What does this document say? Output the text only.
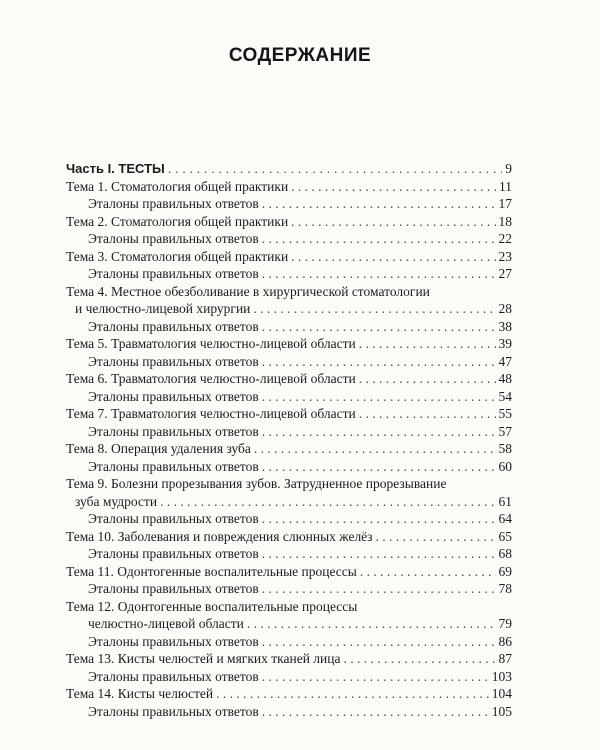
СОДЕРЖАНИЕ
Часть I. ТЕСТЫ . . .	9
Тема 1. Стоматология общей практики . . .	11
Эталоны правильных ответов . . .	17
Тема 2. Стоматология общей практики . . .	18
Эталоны правильных ответов . . .	22
Тема 3. Стоматология общей практики . . .	23
Эталоны правильных ответов . . .	27
Тема 4. Местное обезболивание в хирургической стоматологии
и челюстно-лицевой хирургии . . .	28
Эталоны правильных ответов . . .	38
Тема 5. Травматология челюстно-лицевой области . . .	39
Эталоны правильных ответов . . .	47
Тема 6. Травматология челюстно-лицевой области . . .	48
Эталоны правильных ответов . . .	54
Тема 7. Травматология челюстно-лицевой области . . .	55
Эталоны правильных ответов . . .	57
Тема 8. Операция удаления зуба . . .	58
Эталоны правильных ответов . . .	60
Тема 9. Болезни прорезывания зубов. Затрудненное прорезывание
зуба мудрости . . .	61
Эталоны правильных ответов . . .	64
Тема 10. Заболевания и повреждения слюнных желёз . . .	65
Эталоны правильных ответов . . .	68
Тема 11. Одонтогенные воспалительные процессы . . .	69
Эталоны правильных ответов . . .	78
Тема 12. Одонтогенные воспалительные процессы
челюстно-лицевой области . . .	79
Эталоны правильных ответов . . .	86
Тема 13. Кисты челюстей и мягких тканей лица . . .	87
Эталоны правильных ответов . . .	103
Тема 14. Кисты челюстей . . .	104
Эталоны правильных ответов . . .	105
